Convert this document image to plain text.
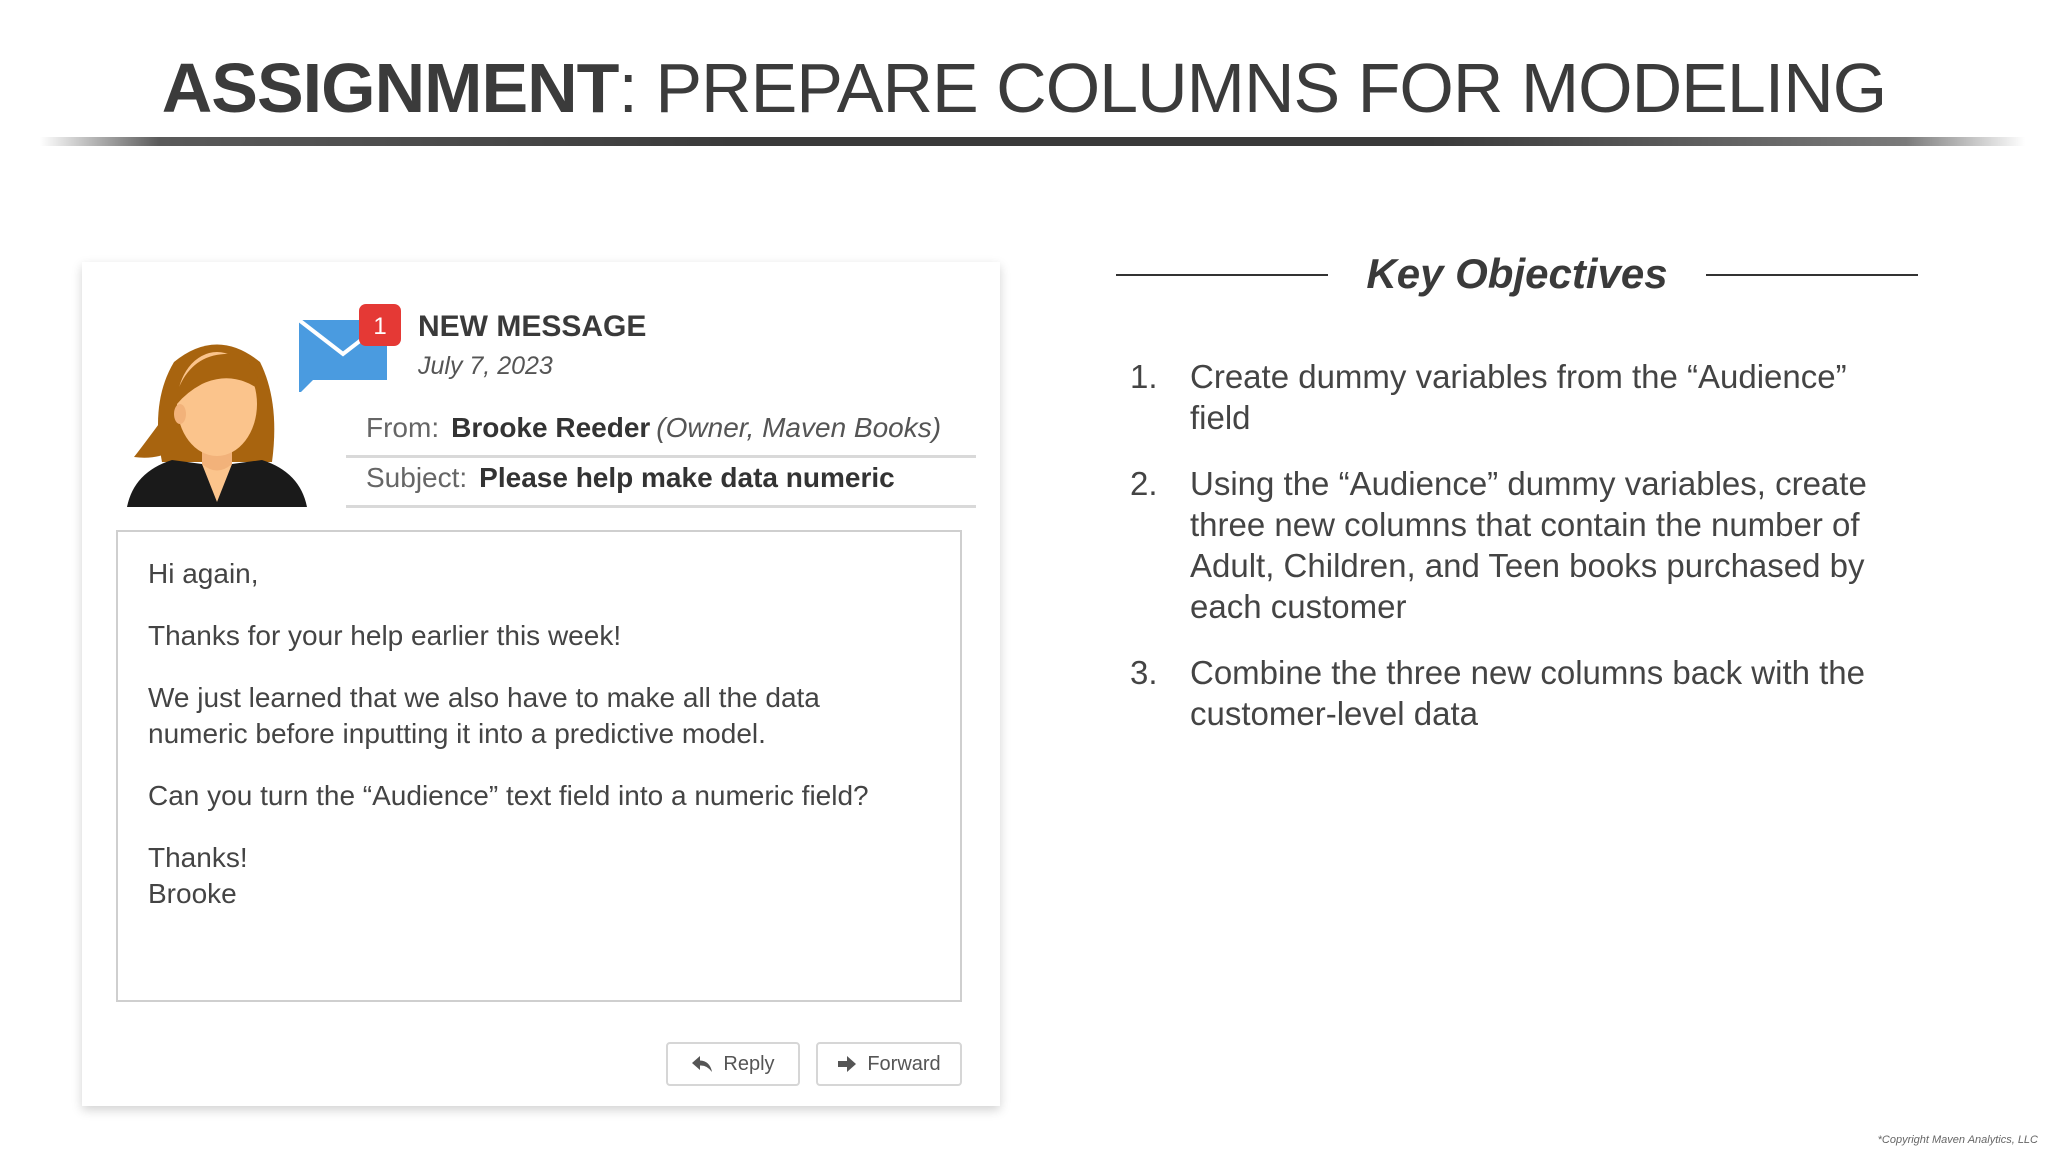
ASSIGNMENT: PREPARE COLUMNS FOR MODELING
1 NEW MESSAGE
July 7, 2023
From: Brooke Reeder (Owner, Maven Books)
Subject: Please help make data numeric

Hi again,

Thanks for your help earlier this week!

We just learned that we also have to make all the data
numeric before inputting it into a predictive model.

Can you turn the “Audience” text field into a numeric field?

Thanks!
Brooke

Reply	Forward
Key Objectives
1. Create dummy variables from the “Audience” field
2. Using the “Audience” dummy variables, create three new columns that contain the number of Adult, Children, and Teen books purchased by each customer
3. Combine the three new columns back with the customer-level data
*Copyright Maven Analytics, LLC
